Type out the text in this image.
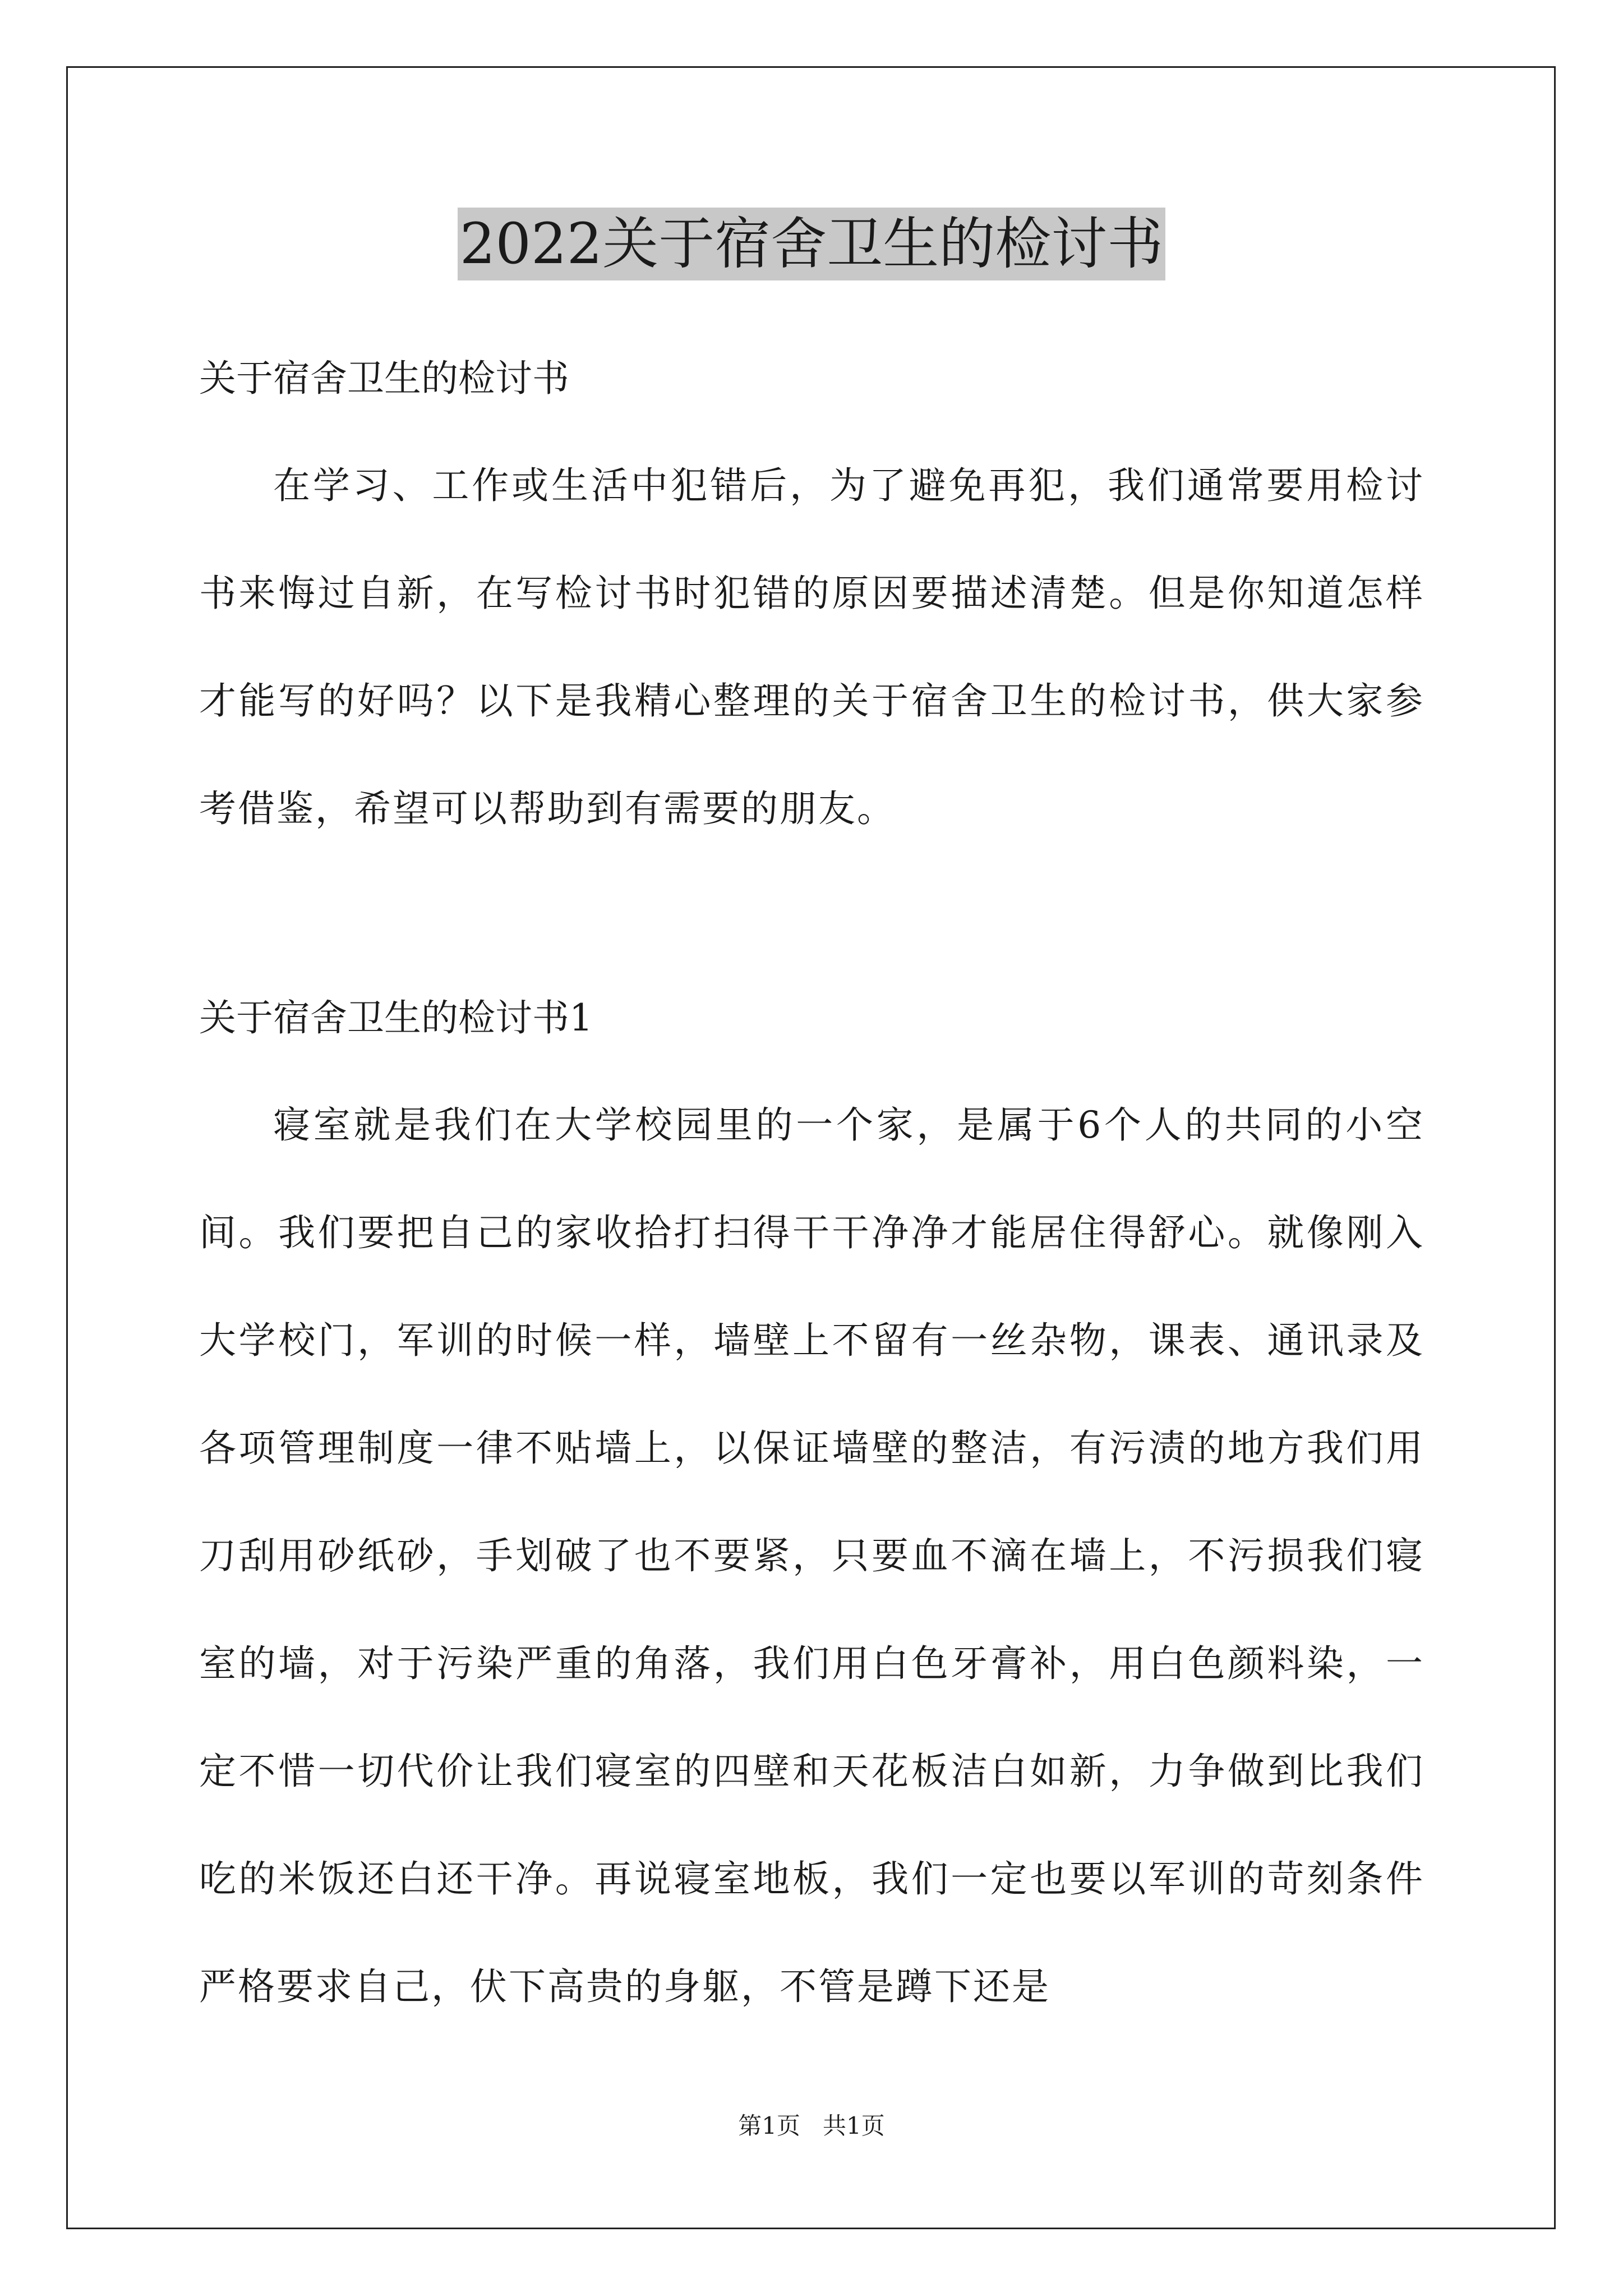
2022关于宿舍卫生的检讨书
关于宿舍卫生的检讨书
在学习、工作或生活中犯错后，为了避免再犯，我们通常要用检讨书来悔过自新，在写检讨书时犯错的原因要描述清楚。但是你知道怎样才能写的好吗？以下是我精心整理的关于宿舍卫生的检讨书，供大家参考借鉴，希望可以帮助到有需要的朋友。
关于宿舍卫生的检讨书1
寝室就是我们在大学校园里的一个家，是属于6个人的共同的小空间。我们要把自己的家收拾打扫得干干净净才能居住得舒心。就像刚入大学校门，军训的时候一样，墙壁上不留有一丝杂物，课表、通讯录及各项管理制度一律不贴墙上，以保证墙壁的整洁，有污渍的地方我们用刀刮用砂纸砂，手划破了也不要紧，只要血不滴在墙上，不污损我们寝室的墙，对于污染严重的角落，我们用白色牙膏补，用白色颜料染，一定不惜一切代价让我们寝室的四壁和天花板洁白如新，力争做到比我们吃的米饭还白还干净。再说寝室地板，我们一定也要以军训的苛刻条件严格要求自己，伏下高贵的身躯，不管是蹲下还是
第1页   共1页
